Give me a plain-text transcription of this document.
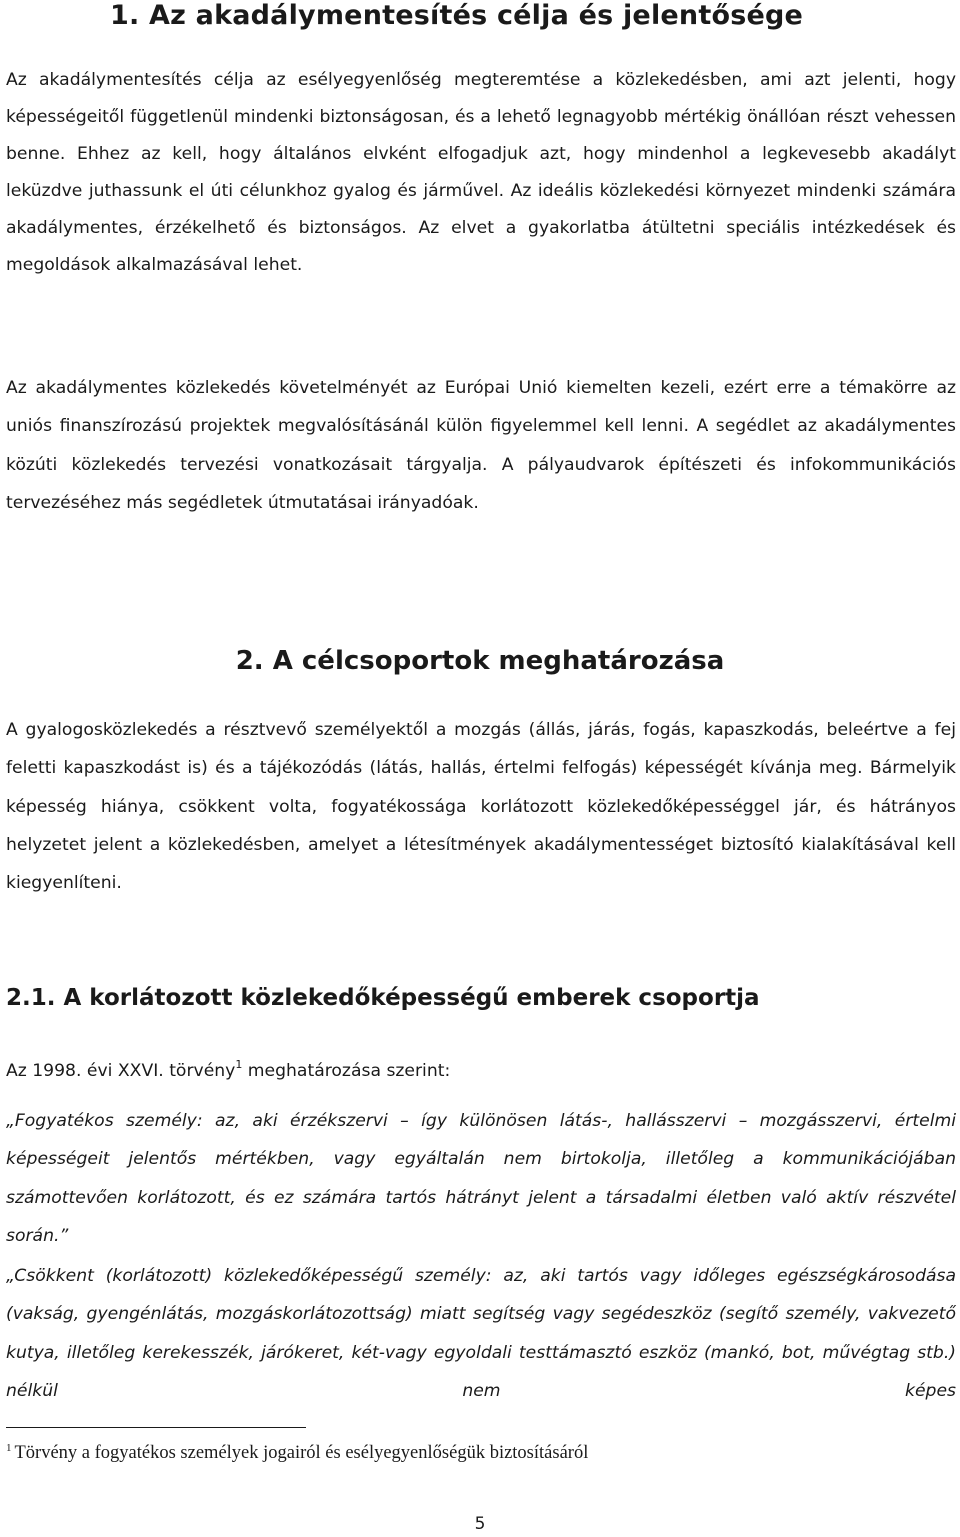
1. Az akadálymentesítés célja és jelentősége

Az akadálymentesítés célja az esélyegyenlőség megteremtése a közlekedésben, ami azt jelenti, hogy képességeitől függetlenül mindenki biztonságosan, és a lehető legnagyobb mértékig önállóan részt vehessen benne. Ehhez az kell, hogy általános elvként elfogadjuk azt, hogy mindenhol a legkevesebb akadályt leküzdve juthassunk el úti célunkhoz gyalog és járművel. Az ideális közlekedési környezet mindenki számára akadálymentes, érzékelhető és biztonságos. Az elvet a gyakorlatba átültetni speciális intézkedések és megoldások alkalmazásával lehet.

Az akadálymentes közlekedés követelményét az Európai Unió kiemelten kezeli, ezért erre a témakörre az uniós finanszírozású projektek megvalósításánál külön figyelemmel kell lenni. A segédlet az akadálymentes közúti közlekedés tervezési vonatkozásait tárgyalja. A pályaudvarok építészeti és infokommunikációs tervezéséhez más segédletek útmutatásai irányadóak.

2. A célcsoportok meghatározása

A gyalogosközlekedés a résztvevő személyektől a mozgás (állás, járás, fogás, kapaszkodás, beleértve a fej feletti kapaszkodást is) és a tájékozódás (látás, hallás, értelmi felfogás) képességét kívánja meg. Bármelyik képesség hiánya, csökkent volta, fogyatékossága korlátozott közlekedőképességgel jár, és hátrányos helyzetet jelent a közlekedésben, amelyet a létesítmények akadálymentességet biztosító kialakításával kell kiegyenlíteni.

2.1. A korlátozott közlekedőképességű emberek csoportja

Az 1998. évi XXVI. törvény$^1$ meghatározása szerint:

„Fogyatékos személy: az, aki érzékszervi – így különösen látás-, hallásszervi – mozgásszervi, értelmi képességeit jelentős mértékben, vagy egyáltalán nem birtokolja, illetőleg a kommunikációjában számottevően korlátozott, és ez számára tartós hátrányt jelent a társadalmi életben való aktív részvétel során.”

„Csökkent (korlátozott) közlekedőképességű személy: az, aki tartós vagy időleges egészségkárosodása (vakság, gyengénlátás, mozgáskorlátozottság) miatt segítség vagy segédeszköz (segítő személy, vakvezető kutya, illetőleg kerekesszék, járókeret, két-vagy egyoldali testtámasztó eszköz (mankó, bot, művégtag stb.) nélkül nem képes

$^1$ Törvény a fogyatékos személyek jogairól és esélyegyenlőségük biztosításáról

5
